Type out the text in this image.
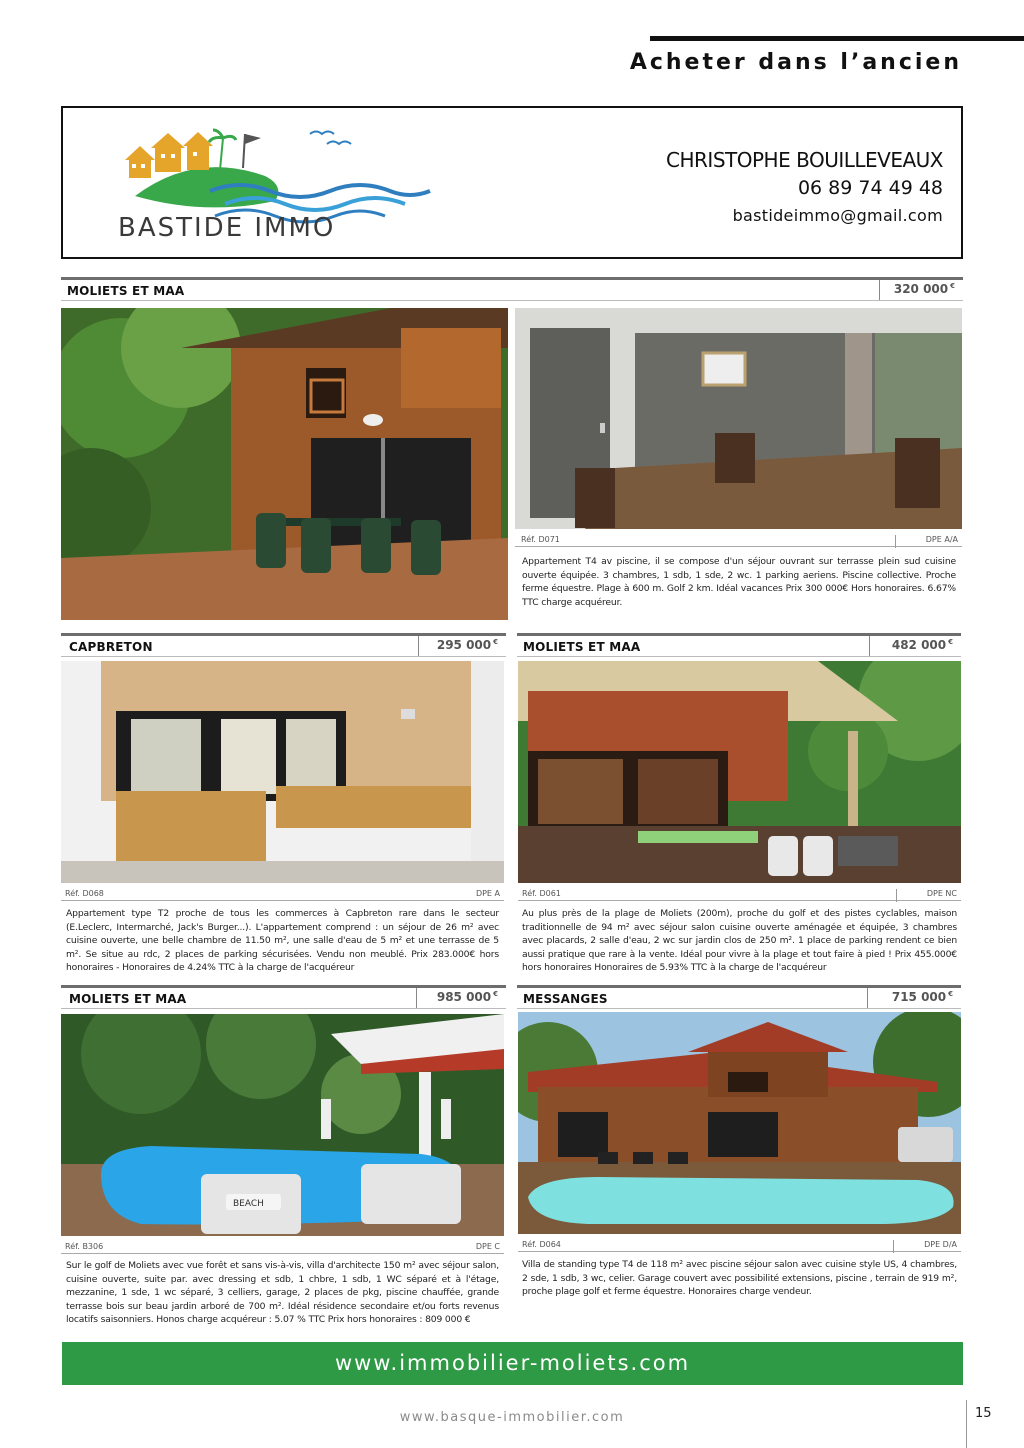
Acheter dans l’ancien
BASTIDE IMMO
CHRISTOPHE BOUILLEVEAUX
06 89 74 49 48
bastideimmo@gmail.com
MOLIETS ET MAA	320 000 €
Réf. D071	DPE A/A
Appartement T4 av piscine, il se compose d'un séjour ouvrant sur terrasse plein sud cuisine ouverte équipée. 3 chambres, 1 sdb, 1 sde, 2 wc. 1 parking aeriens. Piscine collective. Proche ferme équestre. Plage à 600 m. Golf 2 km. Idéal vacances Prix 300 000€ Hors honoraires. 6.67% TTC charge acquéreur.
CAPBRETON	295 000 €
Réf. D068	DPE A
Appartement type T2 proche de tous les commerces à Capbreton rare dans le secteur (E.Leclerc, Intermarché, Jack's Burger...). L'appartement comprend : un séjour de 26 m² avec cuisine ouverte, une belle chambre de 11.50 m², une salle d'eau de 5 m² et une terrasse de 5 m². Se situe au rdc, 2 places de parking sécurisées. Vendu non meublé. Prix 283.000€ hors honoraires - Honoraires de 4.24% TTC à la charge de l'acquéreur
MOLIETS ET MAA	482 000 €
Réf. D061	DPE NC
Au plus près de la plage de Moliets (200m), proche du golf et des pistes cyclables, maison traditionnelle de 94 m² avec séjour salon cuisine ouverte aménagée et équipée, 3 chambres avec placards, 2 salle d'eau, 2 wc sur jardin clos de 250 m². 1 place de parking rendent ce bien aussi pratique que rare à la vente. Idéal pour vivre à la plage et tout faire à pied ! Prix 455.000€ hors honoraires Honoraires de 5.93% TTC à la charge de l'acquéreur
MOLIETS ET MAA	985 000 €
BEACH
Réf. B306	DPE C
Sur le golf de Moliets avec vue forêt et sans vis-à-vis, villa d'architecte 150 m² avec séjour salon, cuisine ouverte, suite par. avec dressing et sdb, 1 chbre, 1 sdb, 1 WC séparé et à l'étage, mezzanine, 1 sde, 1 wc séparé, 3 celliers, garage, 2 places de pkg, piscine chauffée, grande terrasse bois sur beau jardin arboré de 700 m². Idéal résidence secondaire et/ou forts revenus locatifs saisonniers. Honos charge acquéreur : 5.07 % TTC Prix hors honoraires : 809 000 €
MESSANGES	715 000 €
Réf. D064	DPE D/A
Villa de standing type T4 de 118 m² avec piscine séjour salon avec cuisine style US, 4 chambres, 2 sde, 1 sdb, 3 wc, celier. Garage couvert avec possibilité extensions, piscine , terrain de 919 m², proche plage golf et ferme équestre. Honoraires charge vendeur.
www.immobilier-moliets.com
www.basque-immobilier.com	15
